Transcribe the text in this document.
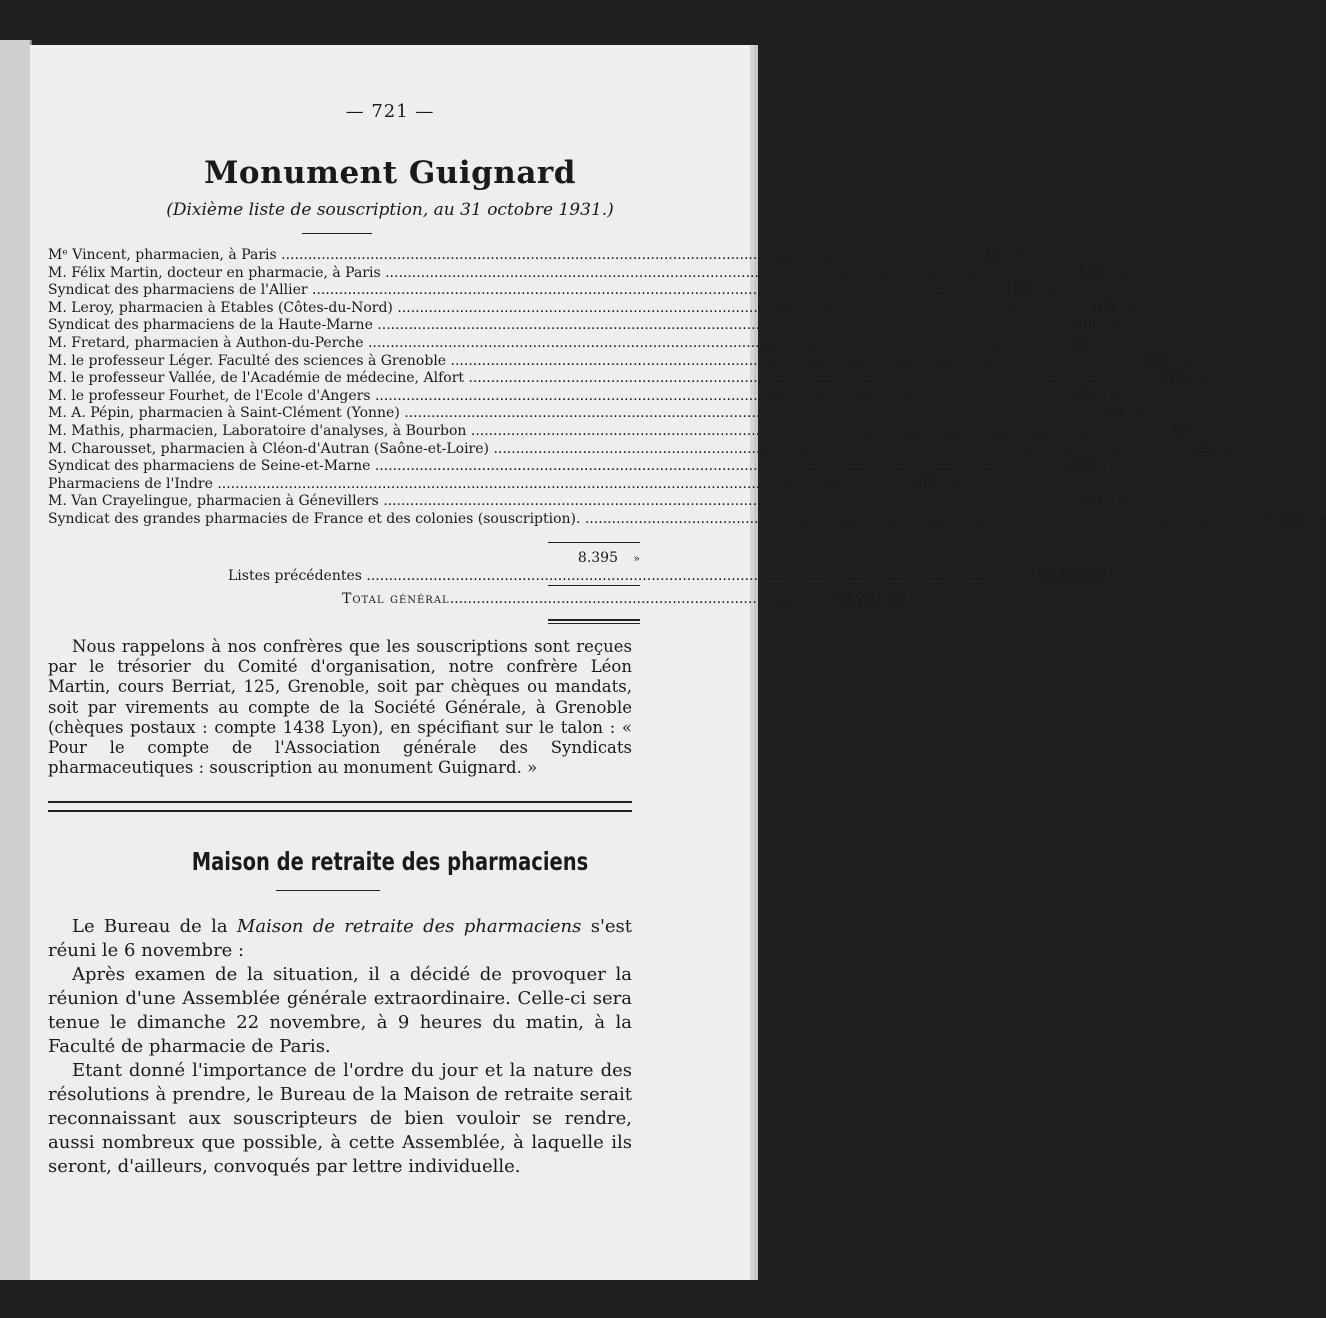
— 721 —
Monument Guignard
(Dixième liste de souscription, au 31 octobre 1931.)
Mᵉ Vincent, pharmacien, à Paris .....	40	»
M. Félix Martin, docteur en pharmacie, à Paris .....	100	»
Syndicat des pharmaciens de l'Allier .....	100	»
M. Leroy, pharmacien à Etables (Côtes-du-Nord) .....	100	»
Syndicat des pharmaciens de la Haute-Marne .....	200	»
M. Fretard, pharmacien à Authon-du-Perche .....	20	»
M. le professeur Léger. Faculté des sciences à Grenoble .....	100	»
M. le professeur Vallée, de l'Académie de médecine, Alfort .....	100	»
M. le professeur Fourhet, de l'Ecole d'Angers .....	25	»
M. A. Pépin, pharmacien à Saint-Clément (Yonne) .....	30	»
M. Mathis, pharmacien, Laboratoire d'analyses, à Bourbon .....	60	»
M. Charousset, pharmacien à Cléon-d'Autran (Saône-et-Loire) .....	25	»
Syndicat des pharmaciens de Seine-et-Marne .....	200	»
Pharmaciens de l'Indre .....	100	»
M. Van Crayelingue, pharmacien à Génevillers .....	50	»
Syndicat des grandes pharmacies de France et des colonies (souscription). .....	7.145	»
8.395	»
Listes précédentes .....	59.826 30
Total général .....	68.221 30
Nous rappelons à nos confrères que les souscriptions sont reçues par le trésorier du Comité d'organisation, notre confrère Léon Martin, cours Berriat, 125, Grenoble, soit par chèques ou mandats, soit par virements au compte de la Société Générale, à Grenoble (chèques postaux : compte 1438 Lyon), en spécifiant sur le talon : « Pour le compte de l'Association générale des Syndicats pharmaceutiques : souscription au monument Guignard. »
Maison de retraite des pharmaciens

Le Bureau de la Maison de retraite des pharmaciens s'est réuni le 6 novembre :

Après examen de la situation, il a décidé de provoquer la réunion d'une Assemblée générale extraordinaire. Celle-ci sera tenue le dimanche 22 novembre, à 9 heures du matin, à la Faculté de pharmacie de Paris.

Etant donné l'importance de l'ordre du jour et la nature des résolutions à prendre, le Bureau de la Maison de retraite serait reconnaissant aux souscripteurs de bien vouloir se rendre, aussi nombreux que possible, à cette Assemblée, à laquelle ils seront, d'ailleurs, convoqués par lettre individuelle.
